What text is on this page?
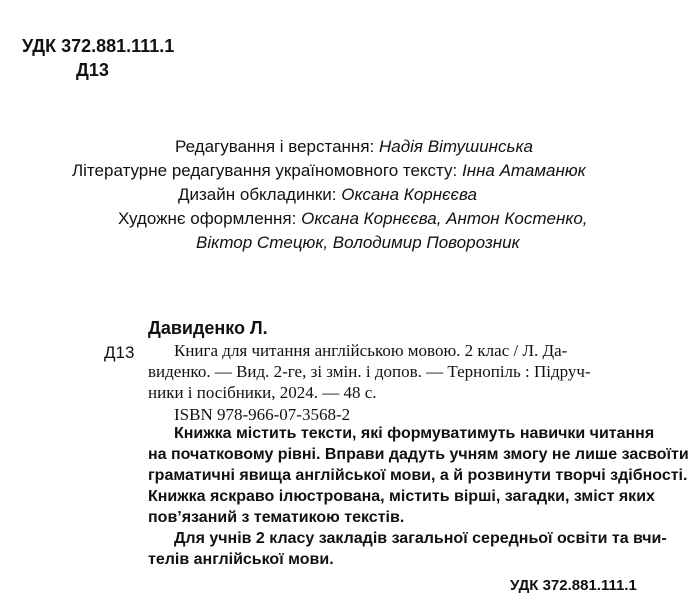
УДК 372.881.111.1
Д13
Редагування і верстання: Надія Вітушинська
Літературне редагування україномовного тексту: Інна Атаманюк
Дизайн обкладинки: Оксана Корнєєва
Художнє оформлення: Оксана Корнєєва, Антон Костенко,
Віктор Стецюк, Володимир Поворозник
Давиденко Л.
Д13 Книга для читання англійською мовою. 2 клас / Л. Да-
виденко. — Вид. 2-ге, зі змін. і допов. — Тернопіль : Підруч-
ники і посібники, 2024. — 48 с.
ISBN 978-966-07-3568-2
Книжка містить тексти, які формуватимуть навички читання
на початковому рівні. Вправи дадуть учням змогу не лише засвоїти
граматичні явища англійської мови, а й розвинути творчі здібності.
Книжка яскраво ілюстрована, містить вірші, загадки, зміст яких
пов’язаний з тематикою текстів.
Для учнів 2 класу закладів загальної середньої освіти та вчи-
телів англійської мови.
УДК 372.881.111.1
